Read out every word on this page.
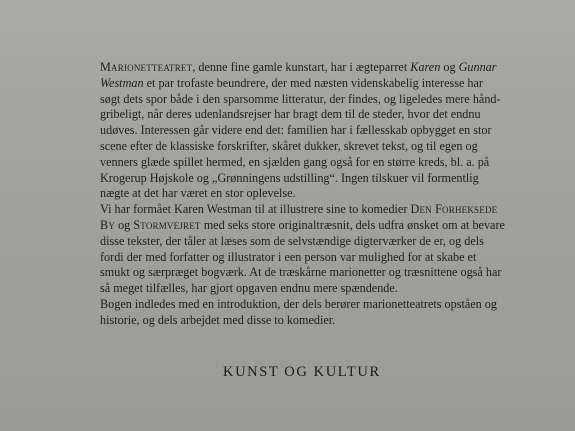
Marionetteatret, denne fine gamle kunstart, har i ægteparret Karen og Gunnar
Westman et par trofaste beundrere, der med næsten videnskabelig interesse har
søgt dets spor både i den sparsomme litteratur, der findes, og ligeledes mere hånd-
gribeligt, når deres udenlandsrejser har bragt dem til de steder, hvor det endnu
udøves. Interessen går videre end det: familien har i fællesskab opbygget en stor
scene efter de klassiske forskrifter, skåret dukker, skrevet tekst, og til egen og
venners glæde spillet hermed, en sjælden gang også for en større kreds, bl. a. på
Krogerup Højskole og „Grønningens udstilling“. Ingen tilskuer vil formentlig
nægte at det har været en stor oplevelse.
Vi har formået Karen Westman til at illustrere sine to komedier Den Forheksede
By og Stormvejret med seks store originaltræsnit, dels udfra ønsket om at bevare
disse tekster, der tåler at læses som de selvstændige digterværker de er, og dels
fordi der med forfatter og illustrator i een person var mulighed for at skabe et
smukt og særpræget bogværk. At de træskårne marionetter og træsnittene også har
så meget tilfælles, har gjort opgaven endnu mere spændende.
Bogen indledes med en introduktion, der dels berører marionetteatrets opståen og
historie, og dels arbejdet med disse to komedier.
KUNST OG KULTUR
